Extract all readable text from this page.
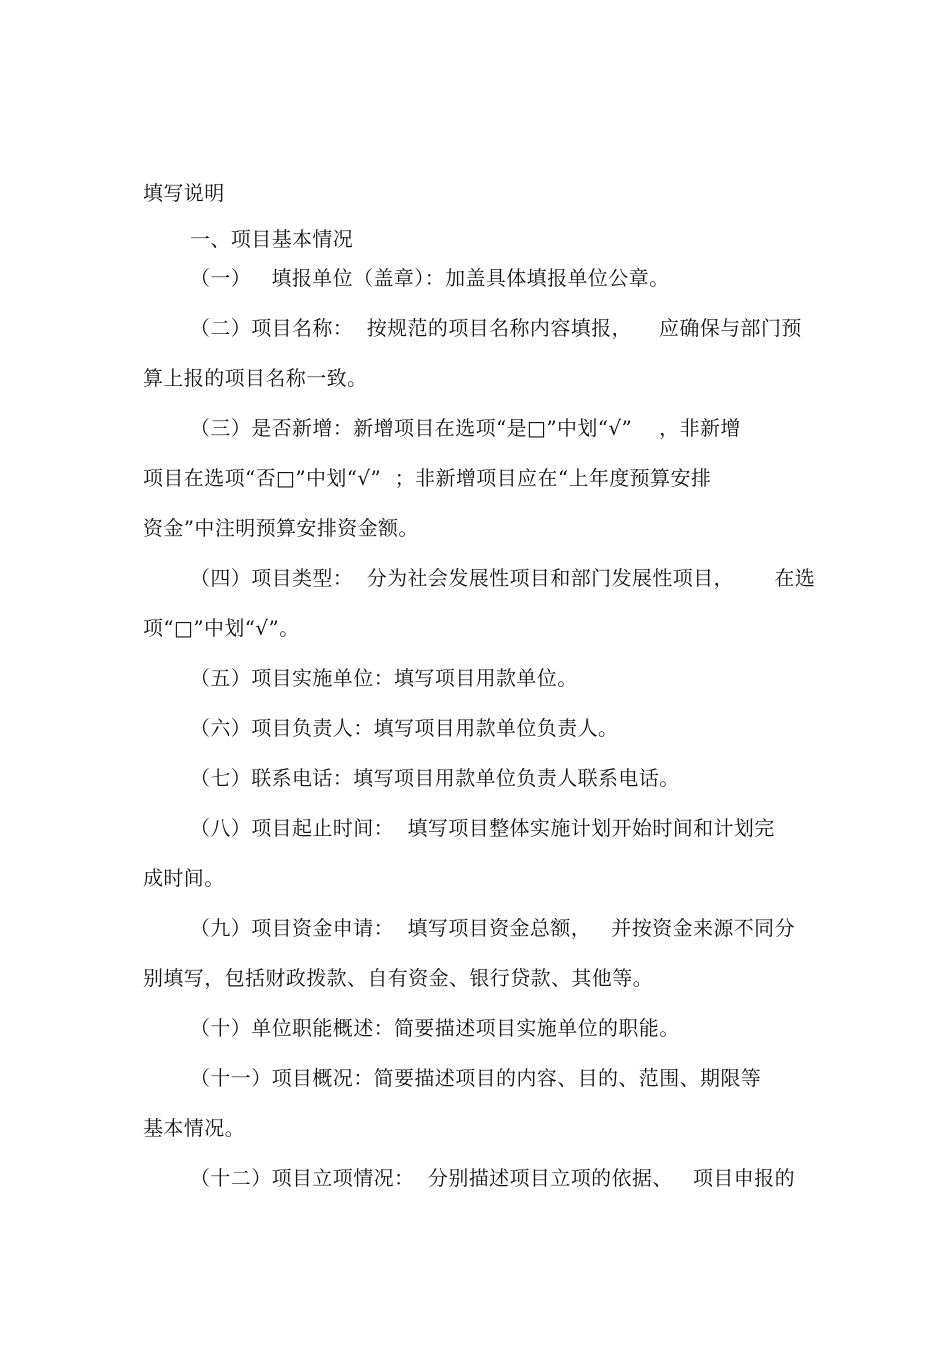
填写说明
一、项目基本情况
（一）   填报单位（盖章）：加盖具体填报单位公章。
（二）项目名称：  按规范的项目名称内容填报，    应确保与部门预
算上报的项目名称一致。
（三）是否新增：新增项目在选项“是□”中划“√”    ，非新增
项目在选项“否□”中划“√”  ；非新增项目应在“上年度预算安排
资金”中注明预算安排资金额。
（四）项目类型：  分为社会发展性项目和部门发展性项目，      在选
项“□”中划“√”。
（五）项目实施单位：填写项目用款单位。
（六）项目负责人：填写项目用款单位负责人。
（七）联系电话：填写项目用款单位负责人联系电话。
（八）项目起止时间：  填写项目整体实施计划开始时间和计划完
成时间。
（九）项目资金申请：  填写项目资金总额，   并按资金来源不同分
别填写，包括财政拨款、自有资金、银行贷款、其他等。
（十）单位职能概述：简要描述项目实施单位的职能。
（十一）项目概况：简要描述项目的内容、目的、范围、期限等
基本情况。
（十二）项目立项情况：  分别描述项目立项的依据、   项目申报的
